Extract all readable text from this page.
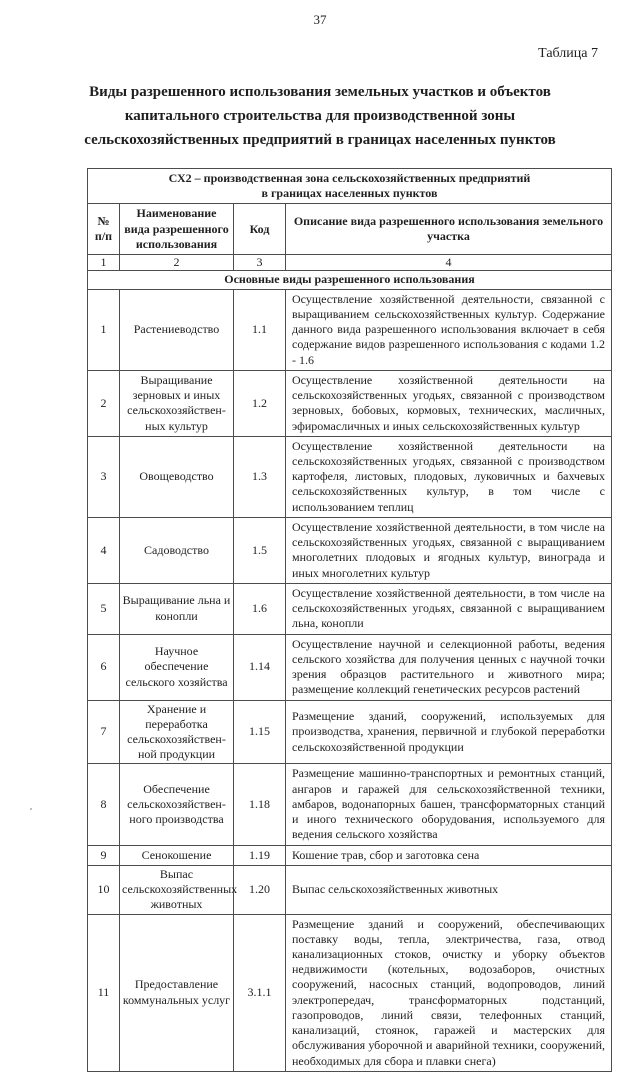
37
Таблица 7
Виды разрешенного использования земельных участков и объектов капитального строительства для производственной зоны сельскохозяйственных предприятий в границах населенных пунктов
СХ2 – производственная зона сельскохозяйственных предприятий
в границах населенных пунктов			

№ п/п	Наименование вида разрешенного использования	Код	Описание вида разрешенного использования земельного участка
1	2	3	4
Основные виды разрешенного использования			
1	Растениеводство	1.1	Осуществление хозяйственной деятельности, связанной с выращиванием сельскохозяйственных культур. Содержание данного вида разрешенного использования включает в себя содержание видов разрешенного использования с кодами 1.2 - 1.6
2	Выращивание зерновых и иных сельскохозяйствен-ных культур	1.2	Осуществление хозяйственной деятельности на сельскохозяйственных угодьях, связанной с производством зерновых, бобовых, кормовых, технических, масличных, эфиромасличных и иных сельскохозяйственных культур
3	Овощеводство	1.3	Осуществление хозяйственной деятельности на сельскохозяйственных угодьях, связанной с производством картофеля, листовых, плодовых, луковичных и бахчевых сельскохозяйственных культур, в том числе с использованием теплиц
4	Садоводство	1.5	Осуществление хозяйственной деятельности, в том числе на сельскохозяйственных угодьях, связанной с выращиванием многолетних плодовых и ягодных культур, винограда и иных многолетних культур
5	Выращивание льна и конопли	1.6	Осуществление хозяйственной деятельности, в том числе на сельскохозяйственных угодьях, связанной с выращиванием льна, конопли
6	Научное обеспечение сельского хозяйства	1.14	Осуществление научной и селекционной работы, ведения сельского хозяйства для получения ценных с научной точки зрения образцов растительного и животного мира; размещение коллекций генетических ресурсов растений
7	Хранение и переработка сельскохозяйствен-ной продукции	1.15	Размещение зданий, сооружений, используемых для производства, хранения, первичной и глубокой переработки сельскохозяйственной продукции
8	Обеспечение сельскохозяйствен-ного производства	1.18	Размещение машинно-транспортных и ремонтных станций, ангаров и гаражей для сельскохозяйственной техники, амбаров, водонапорных башен, трансформаторных станций и иного технического оборудования, используемого для ведения сельского хозяйства
9	Сенокошение	1.19	Кошение трав, сбор и заготовка сена
10	Выпас сельскохозяйственных животных	1.20	Выпас сельскохозяйственных животных
11	Предоставление коммунальных услуг	3.1.1	Размещение зданий и сооружений, обеспечивающих поставку воды, тепла, электричества, газа, отвод канализационных стоков, очистку и уборку объектов недвижимости (котельных, водозаборов, очистных сооружений, насосных станций, водопроводов, линий электропередач, трансформаторных подстанций, газопроводов, линий связи, телефонных станций, канализаций, стоянок, гаражей и мастерских для обслуживания уборочной и аварийной техники, сооружений, необходимых для сбора и плавки снега)
